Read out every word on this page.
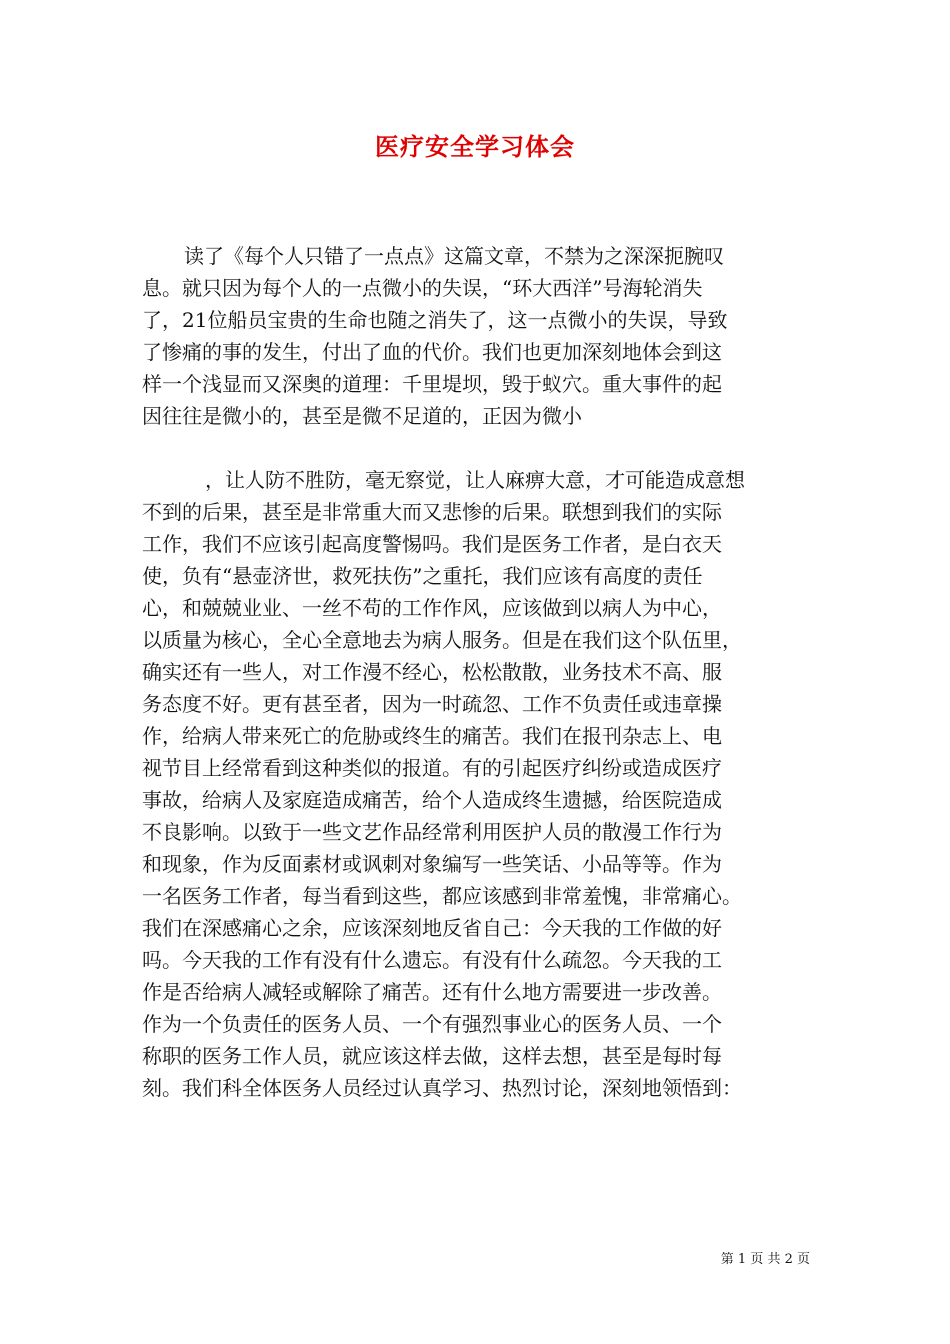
医疗安全学习体会
读了《每个人只错了一点点》这篇文章，不禁为之深深扼腕叹
息。就只因为每个人的一点微小的失误，“环大西洋”号海轮消失
了，21位船员宝贵的生命也随之消失了，这一点微小的失误，导致
了惨痛的事的发生，付出了血的代价。我们也更加深刻地体会到这
样一个浅显而又深奥的道理：千里堤坝，毁于蚁穴。重大事件的起
因往往是微小的，甚至是微不足道的，正因为微小
，让人防不胜防，毫无察觉，让人麻痹大意，才可能造成意想
不到的后果，甚至是非常重大而又悲惨的后果。联想到我们的实际
工作，我们不应该引起高度警惕吗。我们是医务工作者，是白衣天
使，负有“悬壶济世，救死扶伤”之重托，我们应该有高度的责任
心，和兢兢业业、一丝不苟的工作作风，应该做到以病人为中心，
以质量为核心，全心全意地去为病人服务。但是在我们这个队伍里，
确实还有一些人，对工作漫不经心，松松散散，业务技术不高、服
务态度不好。更有甚至者，因为一时疏忽、工作不负责任或违章操
作，给病人带来死亡的危胁或终生的痛苦。我们在报刊杂志上、电
视节目上经常看到这种类似的报道。有的引起医疗纠纷或造成医疗
事故，给病人及家庭造成痛苦，给个人造成终生遗撼，给医院造成
不良影响。以致于一些文艺作品经常利用医护人员的散漫工作行为
和现象，作为反面素材或讽刺对象编写一些笑话、小品等等。作为
一名医务工作者，每当看到这些，都应该感到非常羞愧，非常痛心。
我们在深感痛心之余，应该深刻地反省自己：今天我的工作做的好
吗。今天我的工作有没有什么遗忘。有没有什么疏忽。今天我的工
作是否给病人减轻或解除了痛苦。还有什么地方需要进一步改善。
作为一个负责任的医务人员、一个有强烈事业心的医务人员、一个
称职的医务工作人员，就应该这样去做，这样去想，甚至是每时每
刻。我们科全体医务人员经过认真学习、热烈讨论，深刻地领悟到：
第 1 页 共 2 页
